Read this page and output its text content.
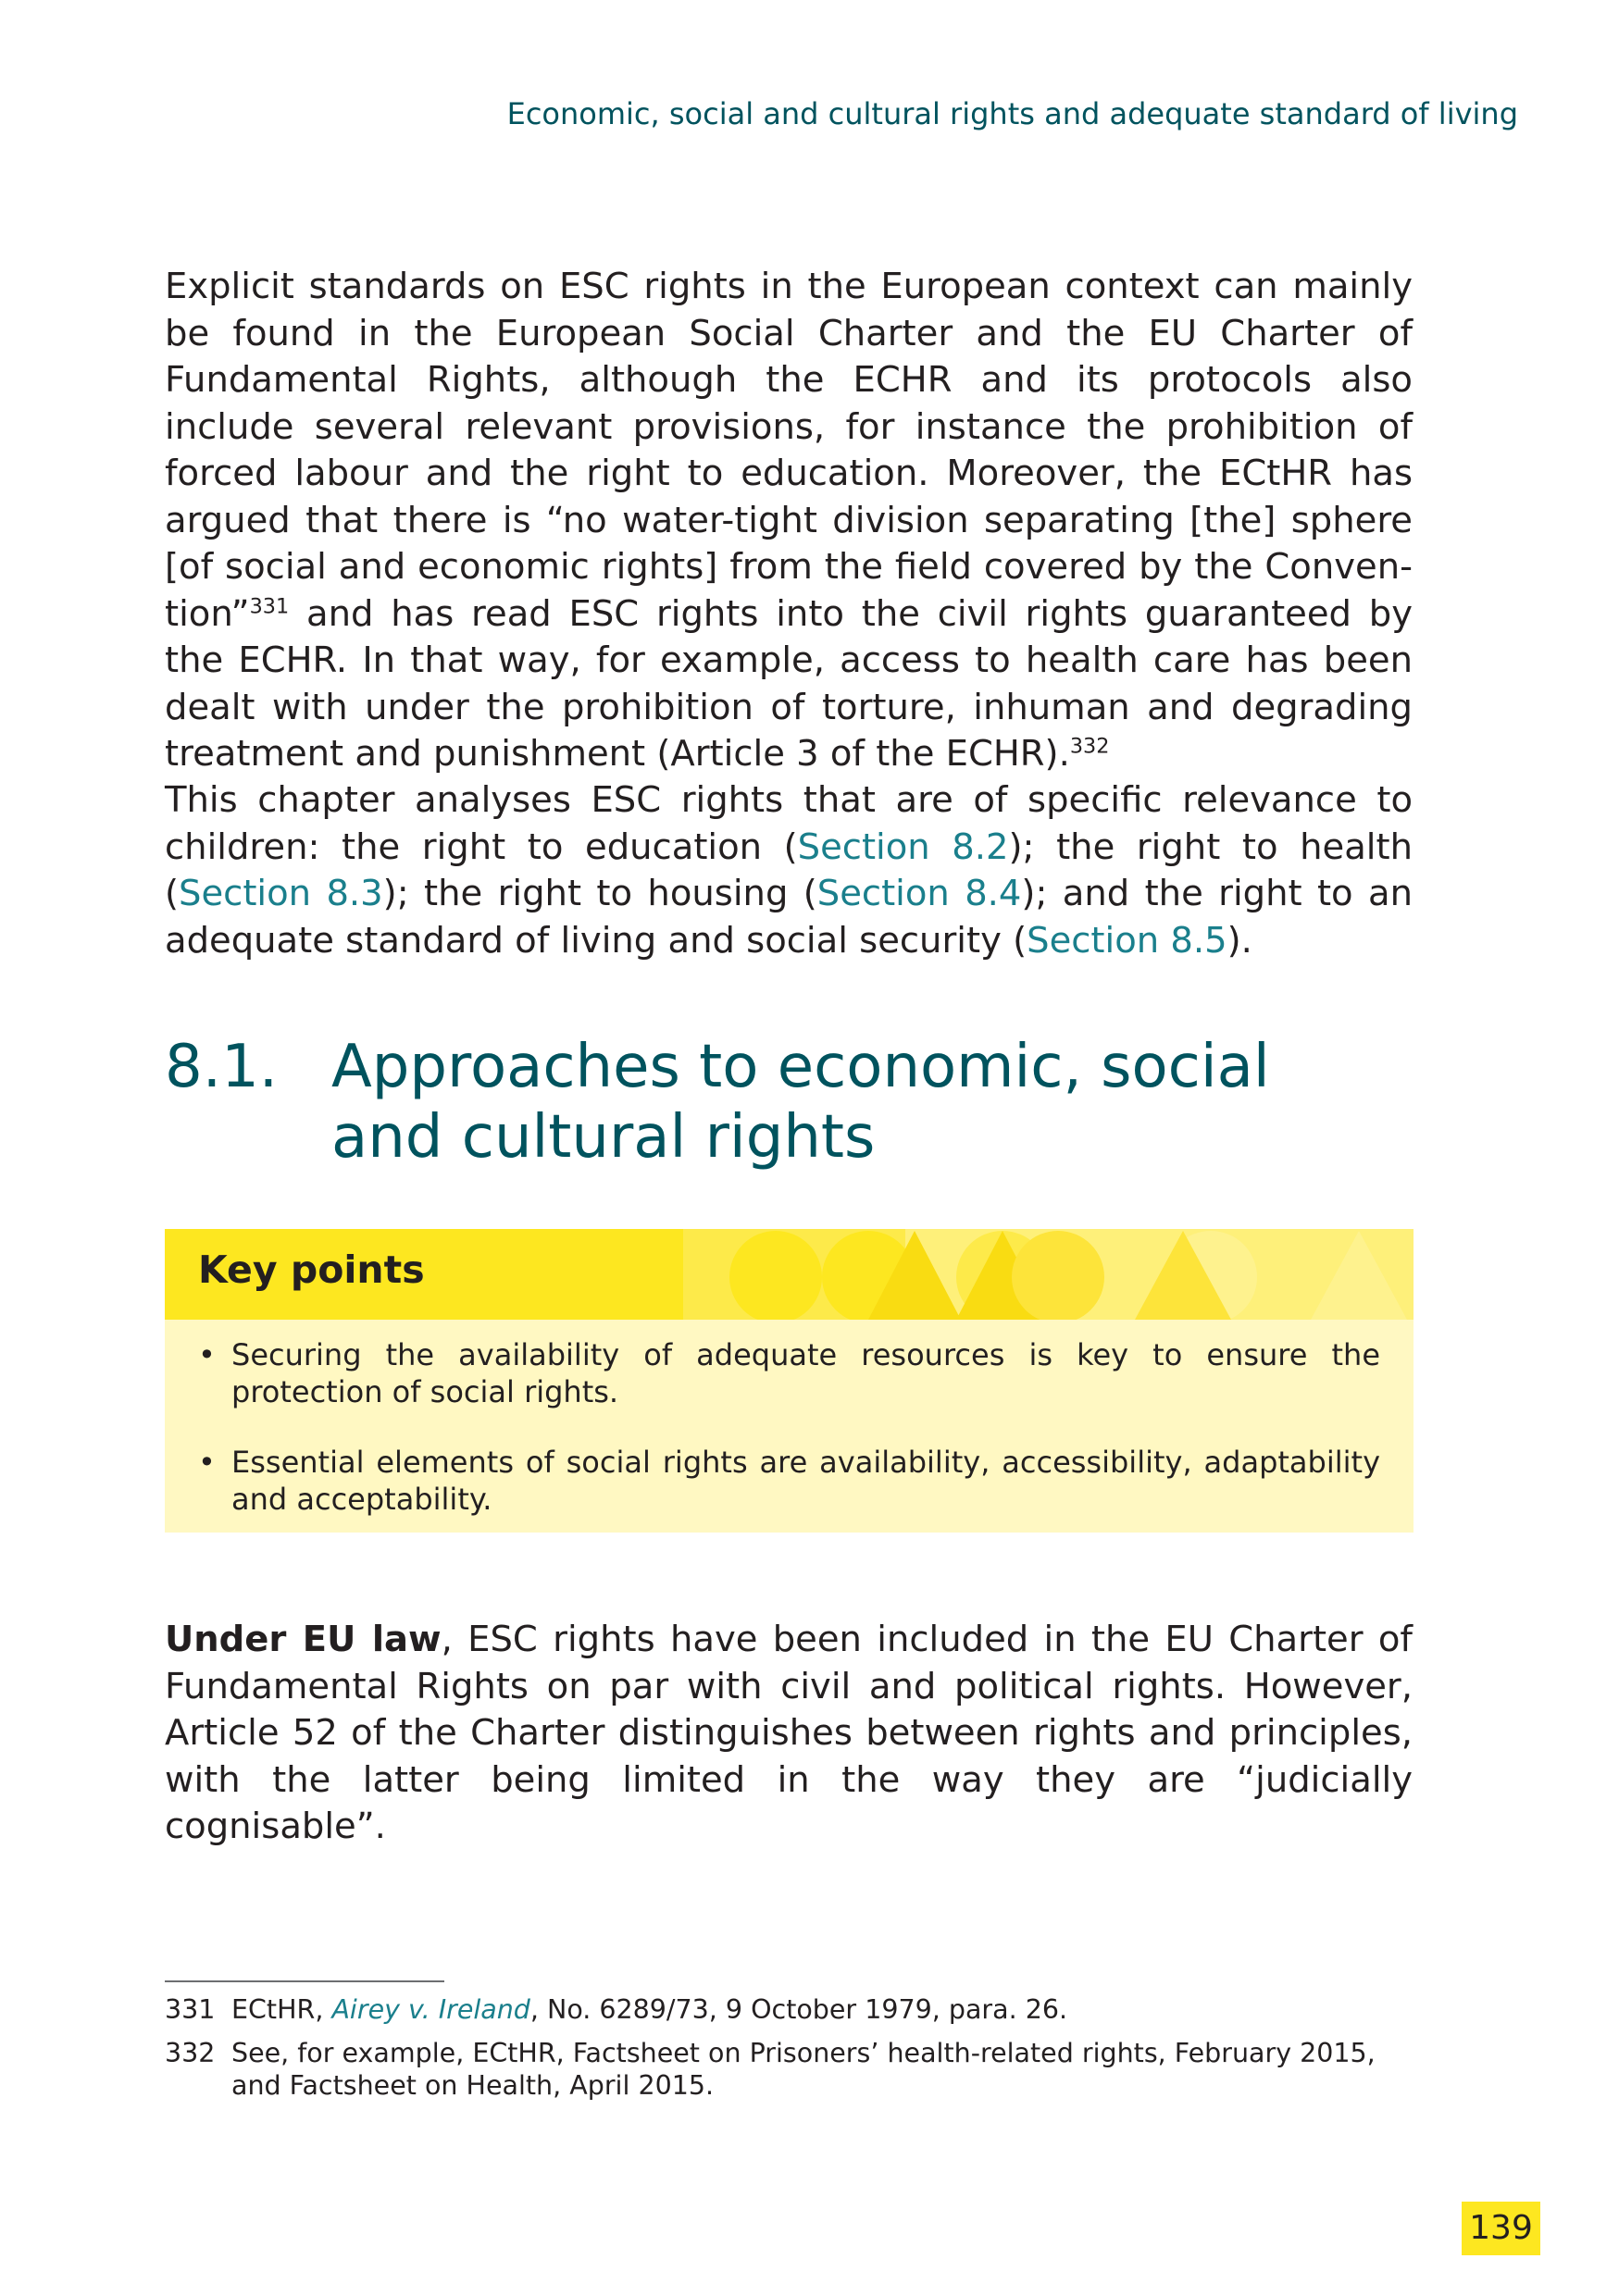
Economic, social and cultural rights and adequate standard of living

Explicit standards on ESC rights in the European context can mainly be found in the European Social Charter and the EU Charter of Fundamental Rights, although the ECHR and its protocols also include several relevant provisions, for instance the prohibition of forced labour and the right to education. Moreover, the ECtHR has argued that there is “no water-tight division separating [the] sphere [of social and economic rights] from the field covered by the Convention”$^{331}$ and has read ESC rights into the civil rights guaranteed by the ECHR. In that way, for example, access to health care has been dealt with under the prohibition of torture, inhuman and degrading treatment and punishment (Article 3 of the ECHR).$^{332}$

This chapter analyses ESC rights that are of specific relevance to children: the right to education (Section 8.2); the right to health (Section 8.3); the right to housing (Section 8.4); and the right to an adequate standard of living and social security (Section 8.5).

8.1. Approaches to economic, social and cultural rights
Key points
• Securing the availability of adequate resources is key to ensure the protection of social rights.
• Essential elements of social rights are availability, accessibility, adaptability and acceptability.

Under EU law, ESC rights have been included in the EU Charter of Fundamental Rights on par with civil and political rights. However, Article 52 of the Charter distinguishes between rights and principles, with the latter being limited in the way they are “judicially cognisable”.

331 ECtHR, Airey v. Ireland, No. 6289/73, 9 October 1979, para. 26.
332 See, for example, ECtHR, Factsheet on Prisoners’ health-related rights, February 2015, and Factsheet on Health, April 2015.
139
